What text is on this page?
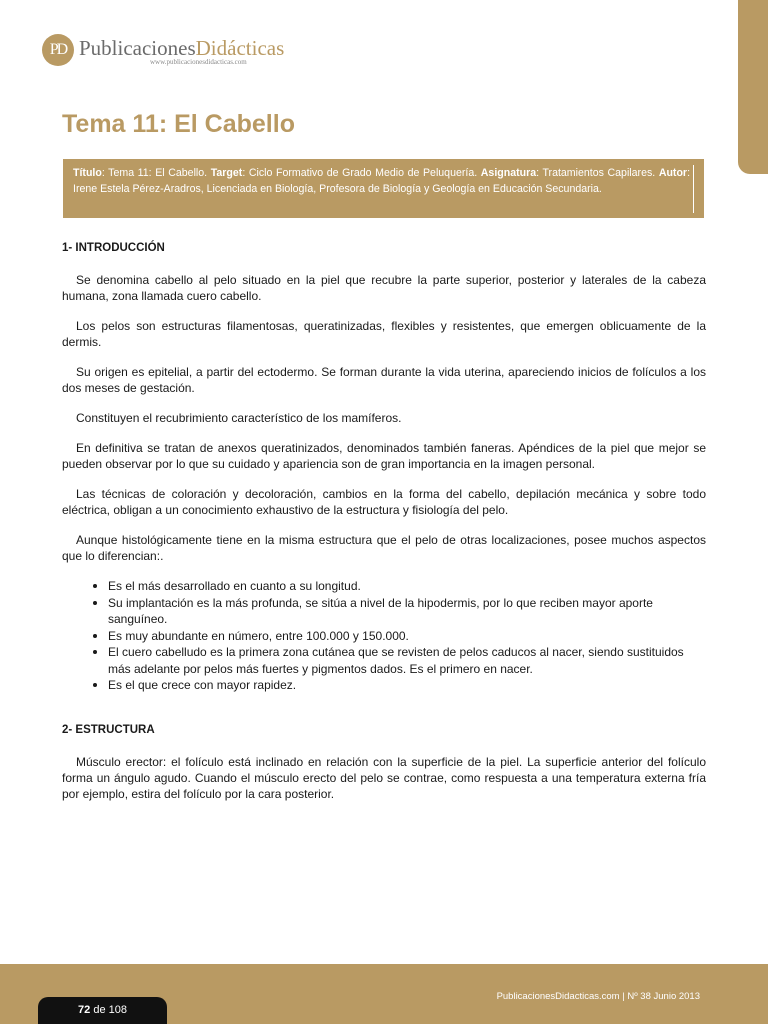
PD PublicacionesDidácticas
www.publicacionesdidacticas.com
Tema 11: El Cabello
Título: Tema 11: El Cabello. Target: Ciclo Formativo de Grado Medio de Peluquería. Asignatura: Tratamientos Capilares. Autor: Irene Estela Pérez-Aradros, Licenciada en Biología, Profesora de Biología y Geología en Educación Secundaria.
1- INTRODUCCIÓN

Se denomina cabello al pelo situado en la piel que recubre la parte superior, posterior y laterales de la cabeza humana, zona llamada cuero cabello.

Los pelos son estructuras filamentosas, queratinizadas, flexibles y resistentes, que emergen oblicuamente de la dermis.

Su origen es epitelial, a partir del ectodermo. Se forman durante la vida uterina, apareciendo inicios de folículos a los dos meses de gestación.

Constituyen el recubrimiento característico de los mamíferos.

En definitiva se tratan de anexos queratinizados, denominados también faneras. Apéndices de la piel que mejor se pueden observar por lo que su cuidado y apariencia son de gran importancia en la imagen personal.

Las técnicas de coloración y decoloración, cambios en la forma del cabello, depilación mecánica y sobre todo eléctrica, obligan a un conocimiento exhaustivo de la estructura y fisiología del pelo.

Aunque histológicamente tiene en la misma estructura que el pelo de otras localizaciones, posee muchos aspectos que lo diferencian:.

• Es el más desarrollado en cuanto a su longitud.
• Su implantación es la más profunda, se sitúa a nivel de la hipodermis, por lo que reciben mayor aporte sanguíneo.
• Es muy abundante en número, entre 100.000 y 150.000.
• El cuero cabelludo es la primera zona cutánea que se revisten de pelos caducos al nacer, siendo sustituidos más adelante por pelos más fuertes y pigmentos dados. Es el primero en nacer.
• Es el que crece con mayor rapidez.
2- ESTRUCTURA

Músculo erector: el folículo está inclinado en relación con la superficie de la piel. La superficie anterior del folículo forma un ángulo agudo. Cuando el músculo erecto del pelo se contrae, como respuesta a una temperatura externa fría por ejemplo, estira del folículo por la cara posterior.

PublicacionesDidacticas.com | Nº 38 Junio 2013
72 de 108
